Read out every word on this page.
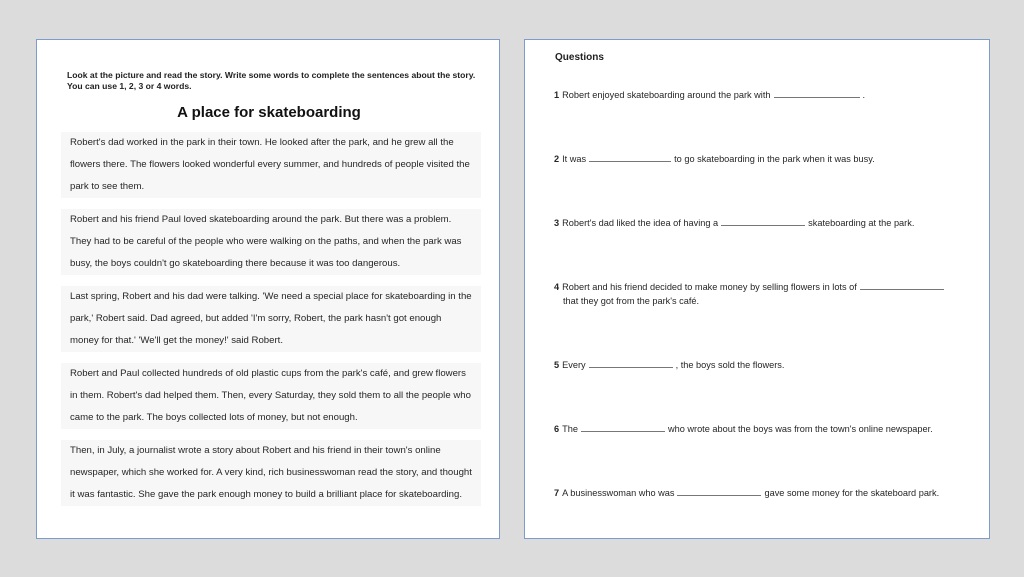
Look at the picture and read the story. Write some words to complete the sentences about the story. You can use 1, 2, 3 or 4 words.
A place for skateboarding

Robert's dad worked in the park in their town. He looked after the park, and he grew all the flowers there. The flowers looked wonderful every summer, and hundreds of people visited the park to see them.

Robert and his friend Paul loved skateboarding around the park. But there was a problem. They had to be careful of the people who were walking on the paths, and when the park was busy, the boys couldn't go skateboarding there because it was too dangerous.

Last spring, Robert and his dad were talking. 'We need a special place for skateboarding in the park,' Robert said. Dad agreed, but added 'I'm sorry, Robert, the park hasn't got enough money for that.' 'We'll get the money!' said Robert.

Robert and Paul collected hundreds of old plastic cups from the park's café, and grew flowers in them. Robert's dad helped them. Then, every Saturday, they sold them to all the people who came to the park. The boys collected lots of money, but not enough.

Then, in July, a journalist wrote a story about Robert and his friend in their town's online newspaper, which she worked for. A very kind, rich businesswoman read the story, and thought it was fantastic. She gave the park enough money to build a brilliant place for skateboarding.

Questions
1 Robert enjoyed skateboarding around the park with	.
2 It was	to go skateboarding in the park when it was busy.
3 Robert's dad liked the idea of having a	skateboarding at the park.
4 Robert and his friend decided to make money by selling flowers in lots of
that they got from the park's café.
5 Every	, the boys sold the flowers.
6 The	who wrote about the boys was from the town's online newspaper.
7 A businesswoman who was	gave some money for the skateboard park.
